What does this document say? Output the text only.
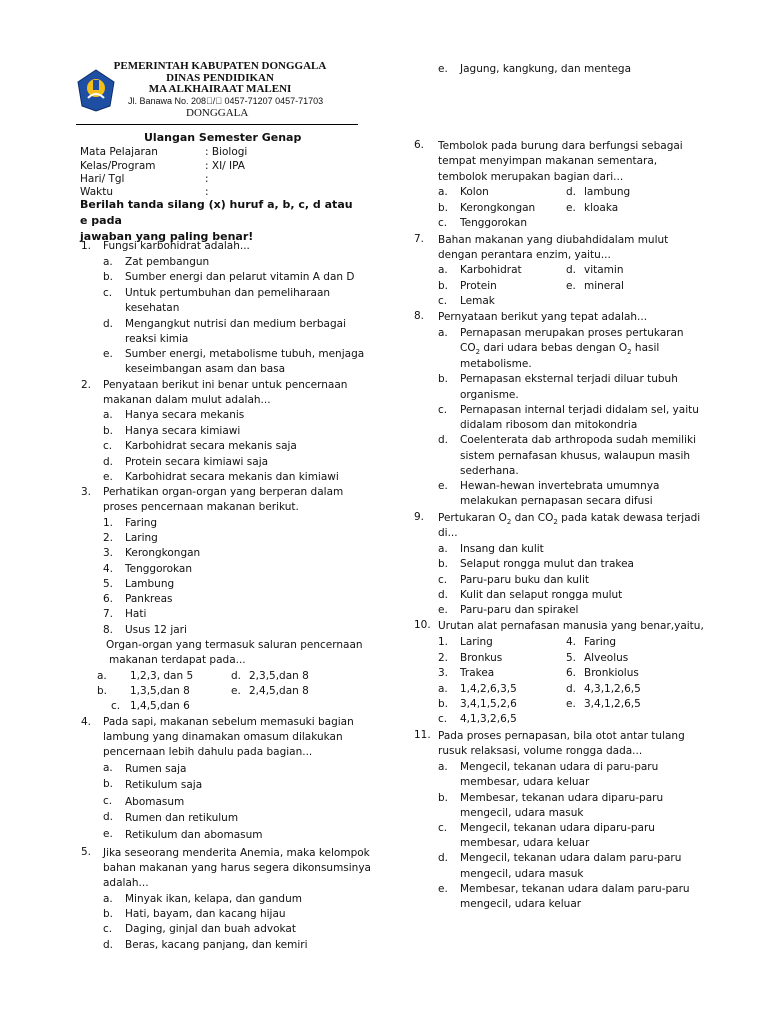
PEMERINTAH KABUPATEN DONGGALA
DINAS PENDIDIKAN
MA ALKHAIRAAT MALENI
Jl. Banawa No. 208 /  0457-71207 0457-71703
DONGGALA
Ulangan Semester Genap
Mata Pelajaran	: Biologi
Kelas/Program	: XI/ IPA
Hari/ Tgl	:
Waktu	:
Berilah tanda silang (x) huruf a, b, c, d atau e pada
jawaban yang paling benar!
1. Fungsi karbohidrat adalah...
a. Zat pembangun
b. Sumber energi dan pelarut vitamin A dan D
c. Untuk pertumbuhan dan pemeliharaan
kesehatan
d. Mengangkut nutrisi dan medium berbagai
reaksi kimia
e. Sumber energi, metabolisme tubuh, menjaga
keseimbangan asam dan basa
2. Penyataan berikut ini benar untuk pencernaan
makanan dalam mulut adalah...
a. Hanya secara mekanis
b. Hanya secara kimiawi
c. Karbohidrat secara mekanis saja
d. Protein secara kimiawi saja
e. Karbohidrat secara mekanis dan kimiawi
3. Perhatikan organ-organ yang berperan dalam
proses pencernaan makanan berikut.
1. Faring
2. Laring
3. Kerongkongan
4. Tenggorokan
5. Lambung
6. Pankreas
7. Hati
8. Usus 12 jari
Organ-organ yang termasuk saluran pencernaan
makanan terdapat pada...
a. 1,2,3, dan 5	d. 2,3,5,dan 8
b. 1,3,5,dan 8	e. 2,4,5,dan 8
c. 1,4,5,dan 6
4. Pada sapi, makanan sebelum memasuki bagian
lambung yang dinamakan omasum dilakukan
pencernaan lebih dahulu pada bagian...
a. Rumen saja
b. Retikulum saja
c. Abomasum
d. Rumen dan retikulum
e. Retikulum dan abomasum
5. Jika seseorang menderita Anemia, maka kelompok
bahan makanan yang harus segera dikonsumsinya
adalah...
a. Minyak ikan, kelapa, dan gandum
b. Hati, bayam, dan kacang hijau
c. Daging, ginjal dan buah advokat
d. Beras, kacang panjang, dan kemiri
e. Jagung, kangkung, dan mentega
6. Tembolok pada burung dara berfungsi sebagai
tempat menyimpan makanan sementara,
tembolok merupakan bagian dari...
a. Kolon	d. lambung
b. Kerongkongan	e. kloaka
c. Tenggorokan
7. Bahan makanan yang diubahdidalam mulut
dengan perantara enzim, yaitu...
a. Karbohidrat	d. vitamin
b. Protein	e. mineral
c. Lemak
8. Pernyataan berikut yang tepat adalah...
a. Pernapasan merupakan proses pertukaran
$CO_2$ dari udara bebas dengan $O_2$ hasil
metabolisme.
b. Pernapasan eksternal terjadi diluar tubuh
organisme.
c. Pernapasan internal terjadi didalam sel, yaitu
didalam ribosom dan mitokondria
d. Coelenterata dab arthropoda sudah memiliki
sistem pernafasan khusus, walaupun masih
sederhana.
e. Hewan-hewan invertebrata umumnya
melakukan pernapasan secara difusi
9. Pertukaran $O_2$ dan $CO_2$ pada katak dewasa terjadi
di...
a. Insang dan kulit
b. Selaput rongga mulut dan trakea
c. Paru-paru buku dan kulit
d. Kulit dan selaput rongga mulut
e. Paru-paru dan spirakel
10. Urutan alat pernafasan manusia yang benar,yaitu,
1. Laring	4. Faring
2. Bronkus	5. Alveolus
3. Trakea	6. Bronkiolus
a. 1,4,2,6,3,5	d. 4,3,1,2,6,5
b. 3,4,1,5,2,6	e. 3,4,1,2,6,5
c. 4,1,3,2,6,5
11. Pada proses pernapasan, bila otot antar tulang
rusuk relaksasi, volume rongga dada...
a. Mengecil, tekanan udara di paru-paru
membesar, udara keluar
b. Membesar, tekanan udara diparu-paru
mengecil, udara masuk
c. Mengecil, tekanan udara diparu-paru
membesar, udara keluar
d. Mengecil, tekanan udara dalam paru-paru
mengecil, udara masuk
e. Membesar, tekanan udara dalam paru-paru
mengecil, udara keluar
